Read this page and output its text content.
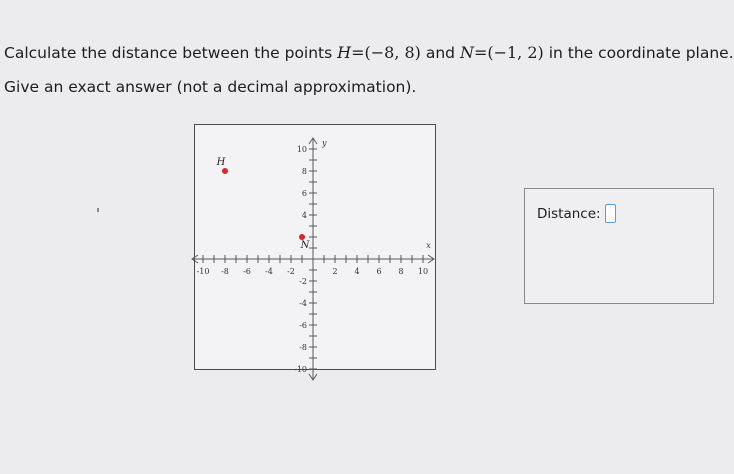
Calculate the distance between the points H=(−8, 8) and N=(−1, 2) in the coordinate plane.
Give an exact answer (not a decimal approximation).
x
y
-10 -8 -6 -4 -2	2 4 6 8 10
10
8
6
4
-2
-4
-6
-8
-10
H
N
Distance:
